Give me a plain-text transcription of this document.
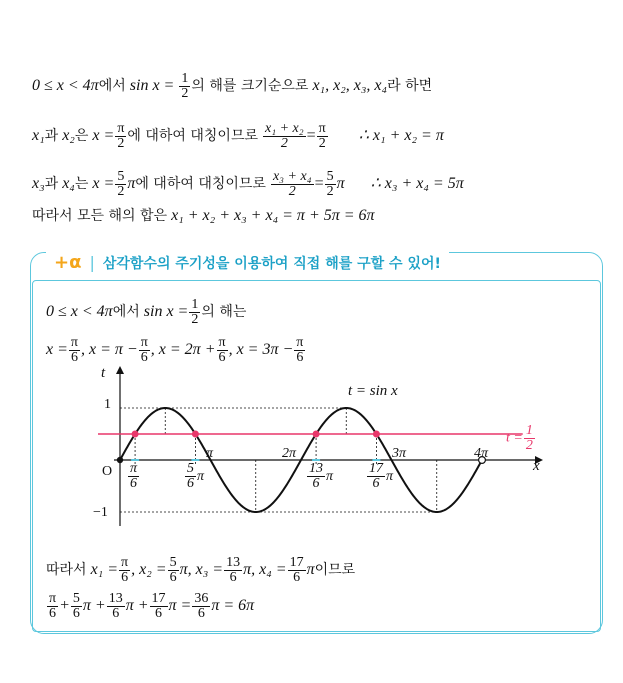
0 ≤ x < 4π에서 $\sin x = \frac{1}{2}$ 의 해를 크기순으로 x₁, x₂, x₃, x₄라 하면
x₁과 x₂은 $x = \frac{\pi}{2}$ 에 대하여 대칭이므로 $\frac{\text{x₁ + x₂}}{2} = \frac{\pi}{2}$ ∴ x₁ + x₂ = π
x₃과 x₄는 $x = \frac{5}{2}$ π에 대하여 대칭이므로 $\frac{\text{x₃ + x₄}}{2} = \frac{5}{2}$ π ∴ x₃ + x₄ = 5π
따라서 모든 해의 합은 x₁ + x₂ + x₃ + x₄ = π + 5π = 6π
+α | 삼각함수의 주기성을 이용하여 직접 해를 구할 수 있어!
0 ≤ x < 4π에서 $\sin x = \frac{1}{2}$ 의 해는
$x = \frac{\pi}{6}$ , $x = \pi - \frac{\pi}{6}$ , $x = 2\pi + \frac{\pi}{6}$ , $x = 3\pi - \frac{\pi}{6}$
t
x
O
1
−1
t = sin x
$t = \frac{1}{2}$
π	2π	3π	4π
$\frac{\pi}{6}$	$\frac{5}{6}$ π	$\frac{13}{6}$ π $\frac{17}{6}$ π
따라서 $x_1 = \frac{\pi}{6}$ , $x_2 = \frac{5}{6} \pi$, $x_3 = \frac{13}{6} \pi$, $x_4 = \frac{17}{6}$ π이므로
$\frac{\pi}{6} + \frac{5}{6}$ $\pi + \frac{13}{6}$ $\pi + \frac{17}{6}$ $\pi = \frac{36}{6}$ π = 6π
